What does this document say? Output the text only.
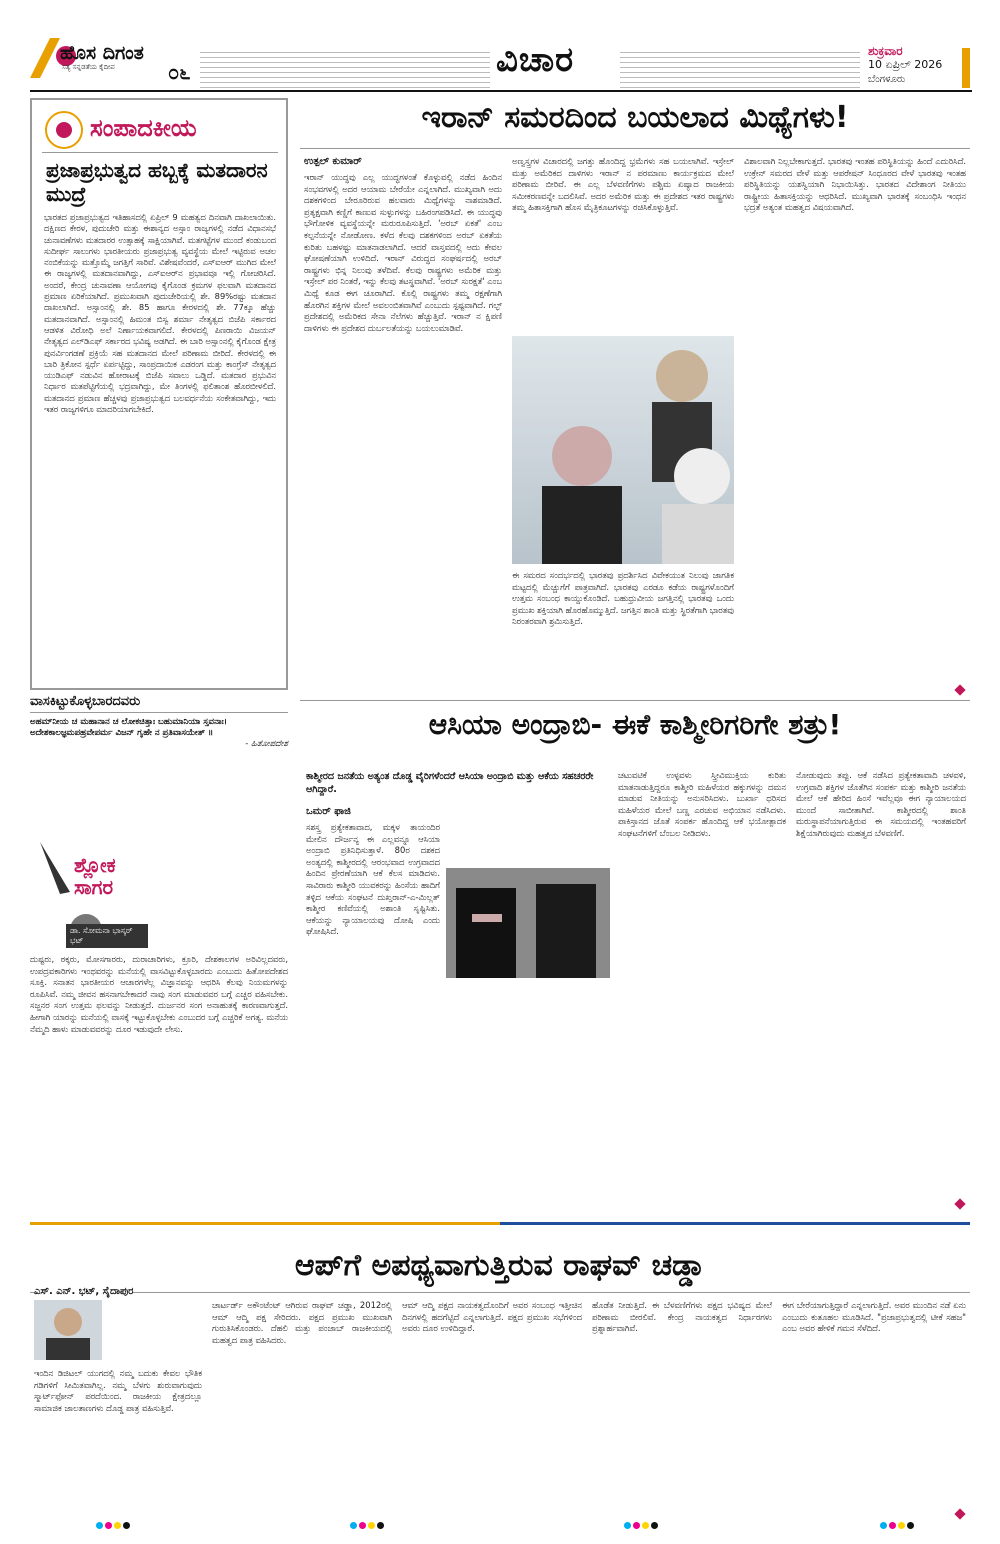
ಹೊಸ ದಿಗಂತ
ಸತ್ಯ ಸನ್ನಡತೆಯ ಕೈದೀಪ	೦೬	ವಿಚಾರ	ಶುಕ್ರವಾರ
10 ಏಪ್ರಿಲ್ 2026
ಬೆಂಗಳೂರು
ಸಂಪಾದಕೀಯ
ಪ್ರಜಾಪ್ರಭುತ್ವದ ಹಬ್ಬಕ್ಕೆ ಮತದಾರನ ಮುದ್ರೆ
ಭಾರತದ ಪ್ರಜಾಪ್ರಭುತ್ವದ ಇತಿಹಾಸದಲ್ಲಿ ಏಪ್ರಿಲ್ 9 ಮಹತ್ವದ ದಿನವಾಗಿ ದಾಖಲಾಯಿತು. ದಕ್ಷಿಣದ ಕೇರಳ, ಪುದುಚೇರಿ ಮತ್ತು ಈಶಾನ್ಯದ ಅಸ್ಸಾಂ ರಾಜ್ಯಗಳಲ್ಲಿ ನಡೆದ ವಿಧಾನಸಭೆ ಚುನಾವಣೆಗಳು ಮತದಾರರ ಉತ್ಸಾಹಕ್ಕೆ ಸಾಕ್ಷಿಯಾಗಿವೆ. ಮತಗಟ್ಟೆಗಳ ಮುಂದೆ ಕಂಡುಬಂದ ಸುದೀರ್ಘ ಸಾಲುಗಳು ಭಾರತೀಯರು ಪ್ರಜಾಪ್ರಭುತ್ವ ವ್ಯವಸ್ಥೆಯ ಮೇಲೆ ಇಟ್ಟಿರುವ ಅಚಲ ನಂಬಿಕೆಯನ್ನು ಮತ್ತೊಮ್ಮೆ ಜಗತ್ತಿಗೆ ಸಾರಿವೆ. ವಿಶೇಷವೆಂದರೆ, ಎಸ್‌ಐಆರ್ ಮುಗಿದ ಮೇಲೆ ಈ ರಾಜ್ಯಗಳಲ್ಲಿ ಮತದಾನವಾಗಿದ್ದು, ಎಸ್‌ಐಆರ್‌ನ ಪ್ರಭಾವವೂ ಇಲ್ಲಿ ಗೋಚರಿಸಿದೆ. ಅಂದರೆ, ಕೇಂದ್ರ ಚುನಾವಣಾ ಆಯೋಗವು ಕೈಗೊಂಡ ಕ್ರಮಗಳ ಫಲವಾಗಿ ಮತದಾನದ ಪ್ರಮಾಣ ಏರಿಕೆಯಾಗಿದೆ. ಪ್ರಮುಖವಾಗಿ ಪುದುಚೇರಿಯಲ್ಲಿ ಶೇ. 89%ರಷ್ಟು ಮತದಾನ ದಾಖಲಾಗಿದೆ. ಅಸ್ಸಾಂನಲ್ಲಿ ಶೇ. 85 ಹಾಗೂ ಕೇರಳದಲ್ಲಿ ಶೇ. 77ಕ್ಕೂ ಹೆಚ್ಚು ಮತದಾನವಾಗಿದೆ. ಅಸ್ಸಾಂನಲ್ಲಿ ಹಿಮಂತ ಬಿಸ್ವ ಶರ್ಮಾ ನೇತೃತ್ವದ ಬಿಜೆಪಿ ಸರ್ಕಾರದ ಆಡಳಿತ ವಿರೋಧಿ ಅಲೆ ನಿರ್ಣಾಯಕವಾಗಲಿದೆ. ಕೇರಳದಲ್ಲಿ ಪಿಣರಾಯಿ ವಿಜಯನ್ ನೇತೃತ್ವದ ಎಲ್‌ಡಿಎಫ್ ಸರ್ಕಾರದ ಭವಿಷ್ಯ ಅಡಗಿದೆ. ಈ ಬಾರಿ ಅಸ್ಸಾಂನಲ್ಲಿ ಕೈಗೊಂಡ ಕ್ಷೇತ್ರ ಪುನರ್ವಿಂಗಡಣೆ ಪ್ರಕ್ರಿಯೆ ಸಹ ಮತದಾನದ ಮೇಲೆ ಪರಿಣಾಮ ಬೀರಿದೆ. ಕೇರಳದಲ್ಲಿ ಈ ಬಾರಿ ತ್ರಿಕೋನ ಸ್ಪರ್ಧೆ ಏರ್ಪಟ್ಟಿದ್ದು, ಸಾಂಪ್ರದಾಯಿಕ ಎಡರಂಗ ಮತ್ತು ಕಾಂಗ್ರೆಸ್ ನೇತೃತ್ವದ ಯುಡಿಎಫ್ ನಡುವಿನ ಹೋರಾಟಕ್ಕೆ ಬಿಜೆಪಿ ಸವಾಲು ಒಡ್ಡಿದೆ. ಮತದಾರ ಪ್ರಭುವಿನ ನಿರ್ಧಾರ ಮತಪೆಟ್ಟಿಗೆಯಲ್ಲಿ ಭದ್ರವಾಗಿದ್ದು, ಮೇ ತಿಂಗಳಲ್ಲಿ ಫಲಿತಾಂಶ ಹೊರಬೀಳಲಿದೆ. ಮತದಾನದ ಪ್ರಮಾಣ ಹೆಚ್ಚಳವು ಪ್ರಜಾಪ್ರಭುತ್ವದ ಬಲವರ್ಧನೆಯ ಸಂಕೇತವಾಗಿದ್ದು, ಇದು ಇತರ ರಾಜ್ಯಗಳಿಗೂ ಮಾದರಿಯಾಗಬೇಕಿದೆ.
ಇರಾನ್ ಸಮರದಿಂದ ಬಯಲಾದ ಮಿಥ್ಯೆಗಳು!
ಉತ್ಪಲ್ ಕುಮಾರ್
ಇರಾನ್ ಯುದ್ಧವು ಎಲ್ಲ ಯುದ್ಧಗಳಂತೆ ಕೊಳ್ಳುವಲ್ಲಿ ನಡೆದ ಹಿಂದಿನ ಸಂಭವಗಳಲ್ಲಿ ಅದರ ಆಯಾಮ ಬೇರೆಯೇ ಎನ್ನಲಾಗಿದೆ. ಮುಖ್ಯವಾಗಿ ಅದು ದಶಕಗಳಿಂದ ಬೇರೂರಿರುವ ಹಲವಾರು ಮಿಥ್ಯೆಗಳನ್ನು ನಾಶಮಾಡಿದೆ. ಪ್ರತ್ಯಕ್ಷವಾಗಿ ಕಣ್ಣಿಗೆ ಕಾಣುವ ಸುಳ್ಳುಗಳನ್ನು ಬಹಿರಂಗಪಡಿಸಿದೆ. ಈ ಯುದ್ಧವು ಭೌಗೋಳಿಕ ವ್ಯವಸ್ಥೆಯನ್ನೇ ಮರುರೂಪಿಸುತ್ತಿದೆ. 'ಅರಬ್ ಏಕತೆ' ಎಂಬ ಕಲ್ಪನೆಯನ್ನೇ ನೋಡೋಣ. ಕಳೆದ ಕೆಲವು ದಶಕಗಳಿಂದ ಅರಬ್ ಏಕತೆಯ ಕುರಿತು ಬಹಳಷ್ಟು ಮಾತನಾಡಲಾಗಿದೆ. ಆದರೆ ವಾಸ್ತವದಲ್ಲಿ ಅದು ಕೇವಲ ಘೋಷಣೆಯಾಗಿ ಉಳಿದಿದೆ. ಇರಾನ್ ವಿರುದ್ಧದ ಸಂಘರ್ಷದಲ್ಲಿ ಅರಬ್ ರಾಷ್ಟ್ರಗಳು ಭಿನ್ನ ನಿಲುವು ತಳೆದಿವೆ. ಕೆಲವು ರಾಷ್ಟ್ರಗಳು ಅಮೆರಿಕ ಮತ್ತು ಇಸ್ರೇಲ್ ಪರ ನಿಂತರೆ, ಇನ್ನು ಕೆಲವು ತಟಸ್ಥವಾಗಿವೆ. 'ಅರಬ್ ಸುರಕ್ಷತೆ' ಎಂಬ ಮಿಥ್ಯೆ ಕೂಡ ಈಗ ಚೂರಾಗಿದೆ. ಕೊಲ್ಲಿ ರಾಷ್ಟ್ರಗಳು ತಮ್ಮ ರಕ್ಷಣೆಗಾಗಿ ಹೊರಗಿನ ಶಕ್ತಿಗಳ ಮೇಲೆ ಅವಲಂಬಿತವಾಗಿವೆ ಎಂಬುದು ಸ್ಪಷ್ಟವಾಗಿದೆ. ಗಲ್ಫ್ ಪ್ರದೇಶದಲ್ಲಿ ಅಮೆರಿಕದ ಸೇನಾ ನೆಲೆಗಳು ಹೆಚ್ಚುತ್ತಿವೆ. ಇರಾನ್ ನ ಕ್ಷಿಪಣಿ ದಾಳಿಗಳು ಈ ಪ್ರದೇಶದ ದುರ್ಬಲತೆಯನ್ನು ಬಯಲುಮಾಡಿವೆ.
ಅಣ್ವಸ್ತ್ರಗಳ ವಿಚಾರದಲ್ಲಿ ಜಗತ್ತು ಹೊಂದಿದ್ದ ಭ್ರಮೆಗಳು ಸಹ ಬಯಲಾಗಿವೆ. ಇಸ್ರೇಲ್ ಮತ್ತು ಅಮೆರಿಕದ ದಾಳಿಗಳು ಇರಾನ್ ನ ಪರಮಾಣು ಕಾರ್ಯಕ್ರಮದ ಮೇಲೆ ಪರಿಣಾಮ ಬೀರಿವೆ. ಈ ಎಲ್ಲ ಬೆಳವಣಿಗೆಗಳು ಪಶ್ಚಿಮ ಏಷ್ಯಾದ ರಾಜಕೀಯ ಸಮೀಕರಣವನ್ನೇ ಬದಲಿಸಿವೆ. ಅದರ ಅಮೆರಿಕ ಮತ್ತು ಈ ಪ್ರದೇಶದ ಇತರ ರಾಷ್ಟ್ರಗಳು ತಮ್ಮ ಹಿತಾಸಕ್ತಿಗಾಗಿ ಹೊಸ ಮೈತ್ರಿಕೂಟಗಳನ್ನು ರಚಿಸಿಕೊಳ್ಳುತ್ತಿವೆ.
ಈ ಸಮರದ ಸಂದರ್ಭದಲ್ಲಿ ಭಾರತವು ಪ್ರದರ್ಶಿಸಿದ ವಿವೇಕಯುತ ನಿಲುವು ಜಾಗತಿಕ ಮಟ್ಟದಲ್ಲಿ ಮೆಚ್ಚುಗೆಗೆ ಪಾತ್ರವಾಗಿದೆ. ಭಾರತವು ಎರಡೂ ಕಡೆಯ ರಾಷ್ಟ್ರಗಳೊಂದಿಗೆ ಉತ್ತಮ ಸಂಬಂಧ ಕಾಯ್ದುಕೊಂಡಿದೆ. ಬಹುಧ್ರುವೀಯ ಜಗತ್ತಿನಲ್ಲಿ ಭಾರತವು ಒಂದು ಪ್ರಮುಖ ಶಕ್ತಿಯಾಗಿ ಹೊರಹೊಮ್ಮುತ್ತಿದೆ. ಜಗತ್ತಿನ ಶಾಂತಿ ಮತ್ತು ಸ್ಥಿರತೆಗಾಗಿ ಭಾರತವು ನಿರಂತರವಾಗಿ ಶ್ರಮಿಸುತ್ತಿದೆ.
ವಿಶಾಲವಾಗಿ ನಿಲ್ಲಬೇಕಾಗುತ್ತದೆ. ಭಾರತವು ಇಂತಹ ಪರಿಸ್ಥಿತಿಯನ್ನು ಹಿಂದೆ ಎದುರಿಸಿದೆ. ಉಕ್ರೇನ್ ಸಮರದ ವೇಳೆ ಮತ್ತು ಆಪರೇಷನ್ ಸಿಂಧೂರದ ವೇಳೆ ಭಾರತವು ಇಂತಹ ಪರಿಸ್ಥಿತಿಯನ್ನು ಯಶಸ್ವಿಯಾಗಿ ನಿಭಾಯಿಸಿತ್ತು. ಭಾರತದ ವಿದೇಶಾಂಗ ನೀತಿಯು ರಾಷ್ಟ್ರೀಯ ಹಿತಾಸಕ್ತಿಯನ್ನು ಆಧರಿಸಿದೆ. ಮುಖ್ಯವಾಗಿ ಭಾರತಕ್ಕೆ ಸಂಬಂಧಿಸಿ ಇಂಧನ ಭದ್ರತೆ ಅತ್ಯಂತ ಮಹತ್ವದ ವಿಷಯವಾಗಿದೆ.
ವಾಸಕಿಟ್ಟುಕೊಳ್ಳಬಾರದವರು
ಅಹಮ್‌ನೀಯ ಚ ಮಹಾನಾನ ಚ ಲೋಕಚಿತ್ತಾಃ ಬಹುಮಾನಿಯಾ ಸ್ತವನಾಃ। ಅದೇಶಕಾಲಜ್ಞಮಪಹ್ರವೇಪರ್ಮ ವಿಜನ್ ಗೃಹೇ ನ ಪ್ರತಿವಾಸಯೇತ್ ॥
- ಹಿತೋಪದೇಶ
ಶ್ಲೋಕ ಸಾಗರ
ಡಾ. ಸೋಮನಾ ಭಾಸ್ಕರ್ ಭಟ್
ದುಷ್ಟರು, ಠಕ್ಕರು, ಮೋಸಗಾರರು, ದುರಾಚಾರಿಗಳು, ಕ್ರೂರಿ, ದೇಶಕಾಲಗಳ ಅರಿವಿಲ್ಲದವರು, ಉಪದ್ರವಕಾರಿಗಳು ಇಂಥವರನ್ನು ಮನೆಯಲ್ಲಿ ವಾಸವಿಟ್ಟುಕೊಳ್ಳಬಾರದು ಎಂಬುದು ಹಿತೋಪದೇಶದ ಸೂಕ್ತಿ. ಸನಾತನ ಭಾರತೀಯರ ಆಚಾರಗಳೆಲ್ಲ ವಿಜ್ಞಾನವನ್ನು ಆಧರಿಸಿ ಕೆಲವು ನಿಯಮಗಳನ್ನು ರೂಪಿಸಿವೆ. ನಮ್ಮ ಜೀವನ ಹಸನಾಗಬೇಕಾದರೆ ನಾವು ಸಂಗ ಮಾಡುವವರ ಬಗ್ಗೆ ಎಚ್ಚರ ವಹಿಸಬೇಕು. ಸಜ್ಜನರ ಸಂಗ ಉತ್ತಮ ಫಲವನ್ನು ನೀಡುತ್ತದೆ. ದುರ್ಜನರ ಸಂಗ ಅನಾಹುತಕ್ಕೆ ಕಾರಣವಾಗುತ್ತದೆ. ಹೀಗಾಗಿ ಯಾರನ್ನು ಮನೆಯಲ್ಲಿ ವಾಸಕ್ಕೆ ಇಟ್ಟುಕೊಳ್ಳಬೇಕು ಎಂಬುದರ ಬಗ್ಗೆ ಎಚ್ಚರಿಕೆ ಅಗತ್ಯ. ಮನೆಯ ನೆಮ್ಮದಿ ಹಾಳು ಮಾಡುವವರನ್ನು ದೂರ ಇಡುವುದೇ ಲೇಸು.
ಆಸಿಯಾ ಅಂದ್ರಾಬಿ- ಈಕೆ ಕಾಶ್ಮೀರಿಗರಿಗೇ ಶತ್ರು!
ಕಾಶ್ಮೀರದ ಜನತೆಯ ಅತ್ಯಂತ ದೊಡ್ಡ ವೈರಿಗಳೆಂದರೆ ಆಸಿಯಾ ಅಂದ್ರಾಬಿ ಮತ್ತು ಆಕೆಯ ಸಹಚರರೇ ಆಗಿದ್ದಾರೆ.
ಒಮರ್ ಫಾಜಿ
ಸಶಸ್ತ್ರ ಪ್ರತ್ಯೇಕತಾವಾದ, ಮಕ್ಕಳ ತಾಯಂದಿರ ಮೇಲಿನ ದೌರ್ಜನ್ಯ ಈ ಎಲ್ಲವನ್ನೂ ಆಸಿಯಾ ಅಂದ್ರಾಬಿ ಪ್ರತಿನಿಧಿಸುತ್ತಾಳೆ. 80ರ ದಶಕದ ಅಂತ್ಯದಲ್ಲಿ ಕಾಶ್ಮೀರದಲ್ಲಿ ಆರಂಭವಾದ ಉಗ್ರವಾದದ ಹಿಂದಿನ ಪ್ರೇರಣೆಯಾಗಿ ಆಕೆ ಕೆಲಸ ಮಾಡಿದಳು. ಸಾವಿರಾರು ಕಾಶ್ಮೀರಿ ಯುವಕರನ್ನು ಹಿಂಸೆಯ ಹಾದಿಗೆ ತಳ್ಳಿದ ಆಕೆಯ ಸಂಘಟನೆ ದುಖ್ತರಾನ್-ಎ-ಮಿಲ್ಲತ್ ಕಾಶ್ಮೀರ ಕಣಿವೆಯಲ್ಲಿ ಅಶಾಂತಿ ಸೃಷ್ಟಿಸಿತು. ಆಕೆಯನ್ನು ನ್ಯಾಯಾಲಯವು ದೋಷಿ ಎಂದು ಘೋಷಿಸಿದೆ.
ಚಟುವಟಿಕೆ ಉಳ್ಳವಳು ಸ್ತ್ರೀವಿಮುಕ್ತಿಯ ಕುರಿತು ಮಾತನಾಡುತ್ತಿದ್ದರೂ ಕಾಶ್ಮೀರಿ ಮಹಿಳೆಯರ ಹಕ್ಕುಗಳನ್ನು ದಮನ ಮಾಡುವ ನೀತಿಯನ್ನು ಅನುಸರಿಸಿದಳು. ಬುರ್ಖಾ ಧರಿಸದ ಮಹಿಳೆಯರ ಮೇಲೆ ಬಣ್ಣ ಎರಚುವ ಅಭಿಯಾನ ನಡೆಸಿದಳು. ಪಾಕಿಸ್ತಾನದ ಜೊತೆ ಸಂಪರ್ಕ ಹೊಂದಿದ್ದ ಆಕೆ ಭಯೋತ್ಪಾದಕ ಸಂಘಟನೆಗಳಿಗೆ ಬೆಂಬಲ ನೀಡಿದಳು.
ನೋಡುವುದು ತಪ್ಪು. ಆಕೆ ನಡೆಸಿದ ಪ್ರತ್ಯೇಕತಾವಾದಿ ಚಳವಳಿ, ಉಗ್ರವಾದಿ ಶಕ್ತಿಗಳ ಜೊತೆಗಿನ ಸಂಪರ್ಕ ಮತ್ತು ಕಾಶ್ಮೀರಿ ಜನತೆಯ ಮೇಲೆ ಆಕೆ ಹೇರಿದ ಹಿಂಸೆ ಇವೆಲ್ಲವೂ ಈಗ ನ್ಯಾಯಾಲಯದ ಮುಂದೆ ಸಾಬೀತಾಗಿವೆ. ಕಾಶ್ಮೀರದಲ್ಲಿ ಶಾಂತಿ ಮರುಸ್ಥಾಪನೆಯಾಗುತ್ತಿರುವ ಈ ಸಮಯದಲ್ಲಿ ಇಂತಹವರಿಗೆ ಶಿಕ್ಷೆಯಾಗಿರುವುದು ಮಹತ್ವದ ಬೆಳವಣಿಗೆ.
ಆಪ್‌ಗೆ ಅಪಥ್ಯವಾಗುತ್ತಿರುವ ರಾಘವ್ ಚಡ್ಡಾ
ಎಸ್. ಎನ್. ಭಟ್, ಸೈದಾಪುರ
ಇಂದಿನ ಡಿಜಿಟಲ್ ಯುಗದಲ್ಲಿ ನಮ್ಮ ಬದುಕು ಕೇವಲ ಭೌತಿಕ ಗಡಿಗಳಿಗೆ ಸೀಮಿತವಾಗಿಲ್ಲ. ನಮ್ಮ ಬೆಳಗು ಶುರುವಾಗುವುದು ಸ್ಮಾರ್ಟ್‌ಫೋನ್ ಪರದೆಯಿಂದ. ರಾಜಕೀಯ ಕ್ಷೇತ್ರದಲ್ಲೂ ಸಾಮಾಜಿಕ ಜಾಲತಾಣಗಳು ದೊಡ್ಡ ಪಾತ್ರ ವಹಿಸುತ್ತಿವೆ.
ಚಾರ್ಟರ್ಡ್ ಅಕೌಂಟೆಂಟ್ ಆಗಿರುವ ರಾಘವ್ ಚಡ್ಡಾ, 2012ರಲ್ಲಿ ಆಮ್ ಆದ್ಮಿ ಪಕ್ಷ ಸೇರಿದರು. ಪಕ್ಷದ ಪ್ರಮುಖ ಮುಖವಾಗಿ ಗುರುತಿಸಿಕೊಂಡರು. ದೆಹಲಿ ಮತ್ತು ಪಂಜಾಬ್ ರಾಜಕೀಯದಲ್ಲಿ ಮಹತ್ವದ ಪಾತ್ರ ವಹಿಸಿದರು.
ಆಮ್ ಆದ್ಮಿ ಪಕ್ಷದ ನಾಯಕತ್ವದೊಂದಿಗೆ ಅವರ ಸಂಬಂಧ ಇತ್ತೀಚಿನ ದಿನಗಳಲ್ಲಿ ಹದಗೆಟ್ಟಿದೆ ಎನ್ನಲಾಗುತ್ತಿದೆ. ಪಕ್ಷದ ಪ್ರಮುಖ ಸಭೆಗಳಿಂದ ಅವರು ದೂರ ಉಳಿದಿದ್ದಾರೆ.
ಹೊಡೆತ ನೀಡುತ್ತಿದೆ. ಈ ಬೆಳವಣಿಗೆಗಳು ಪಕ್ಷದ ಭವಿಷ್ಯದ ಮೇಲೆ ಪರಿಣಾಮ ಬೀರಲಿವೆ. ಕೇಂದ್ರ ನಾಯಕತ್ವದ ನಿರ್ಧಾರಗಳು ಪ್ರಶ್ನಾರ್ಹವಾಗಿವೆ.
ಈಗ ಬೇರೆಯಾಗುತ್ತಿದ್ದಾರೆ ಎನ್ನಲಾಗುತ್ತಿದೆ. ಅವರ ಮುಂದಿನ ನಡೆ ಏನು ಎಂಬುದು ಕುತೂಹಲ ಮೂಡಿಸಿದೆ. "ಪ್ರಜಾಪ್ರಭುತ್ವದಲ್ಲಿ ಟೀಕೆ ಸಹಜ" ಎಂಬ ಅವರ ಹೇಳಿಕೆ ಗಮನ ಸೆಳೆದಿದೆ.
